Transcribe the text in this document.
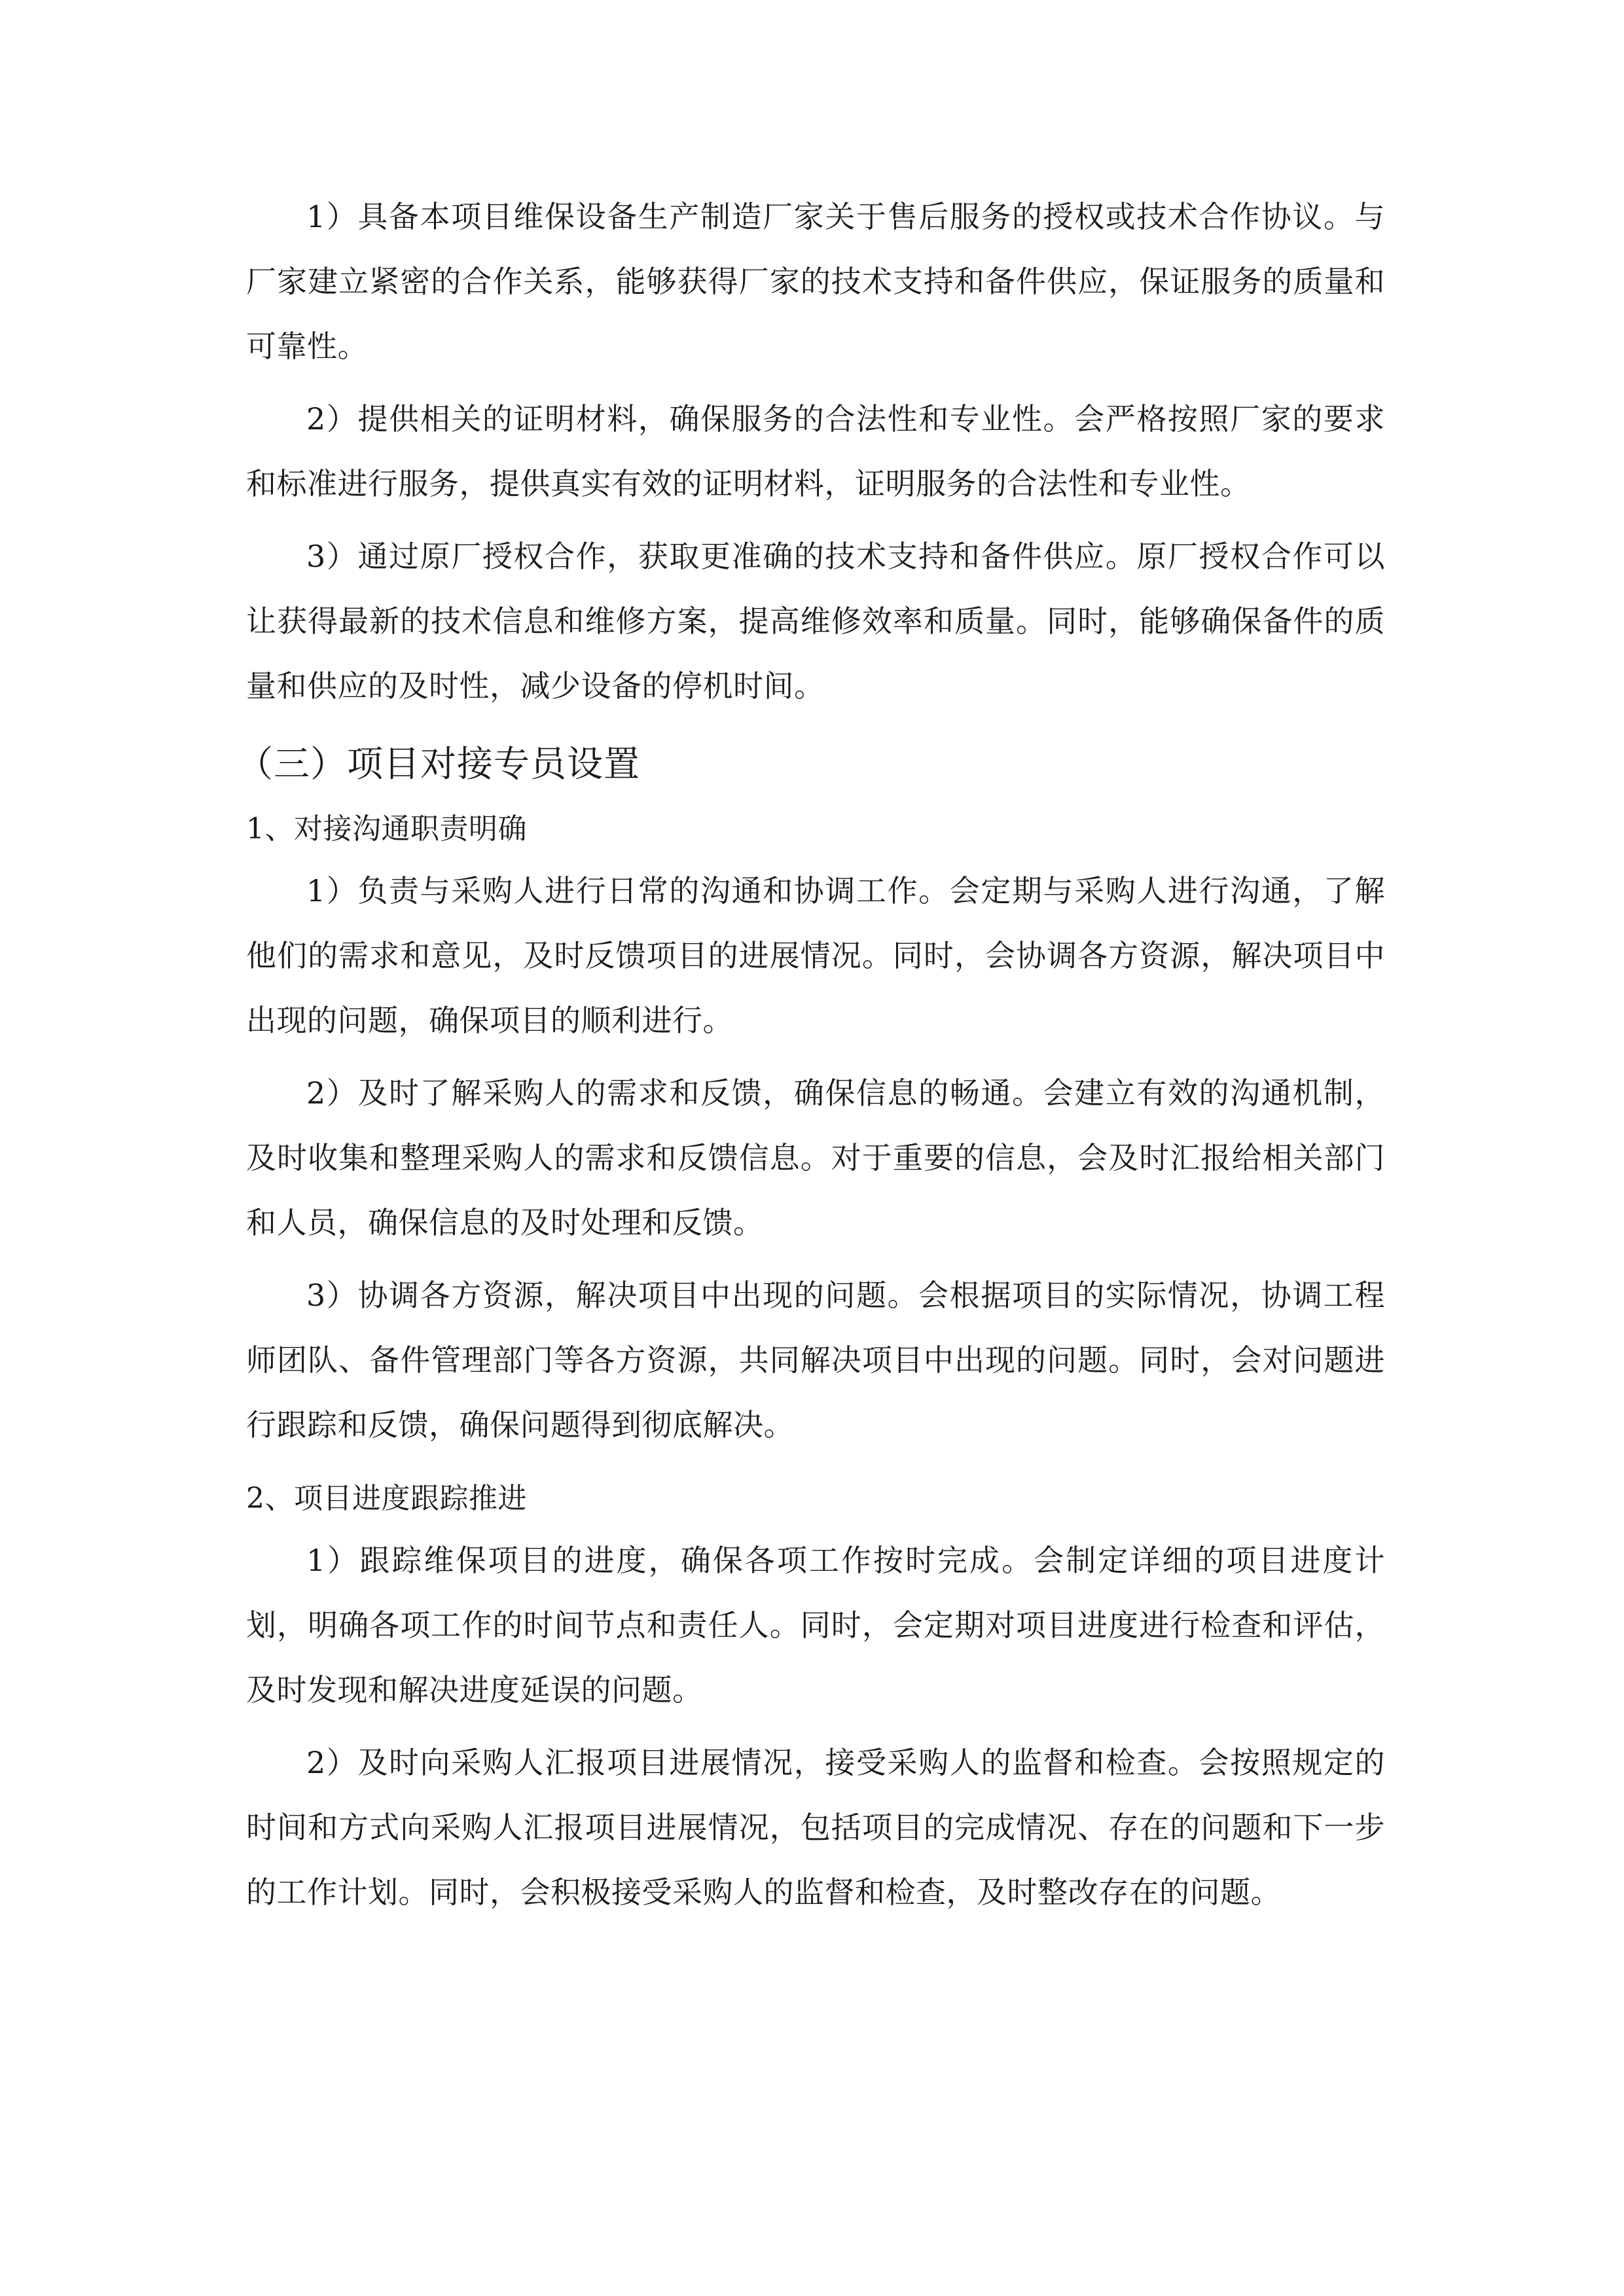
1）具备本项目维保设备生产制造厂家关于售后服务的授权或技术合作协议。与厂家建立紧密的合作关系，能够获得厂家的技术支持和备件供应，保证服务的质量和可靠性。

2）提供相关的证明材料，确保服务的合法性和专业性。会严格按照厂家的要求和标准进行服务，提供真实有效的证明材料，证明服务的合法性和专业性。

3）通过原厂授权合作，获取更准确的技术支持和备件供应。原厂授权合作可以让获得最新的技术信息和维修方案，提高维修效率和质量。同时，能够确保备件的质量和供应的及时性，减少设备的停机时间。

（三）项目对接专员设置
1、对接沟通职责明确

1）负责与采购人进行日常的沟通和协调工作。会定期与采购人进行沟通，了解他们的需求和意见，及时反馈项目的进展情况。同时，会协调各方资源，解决项目中出现的问题，确保项目的顺利进行。

2）及时了解采购人的需求和反馈，确保信息的畅通。会建立有效的沟通机制，及时收集和整理采购人的需求和反馈信息。对于重要的信息，会及时汇报给相关部门和人员，确保信息的及时处理和反馈。

3）协调各方资源，解决项目中出现的问题。会根据项目的实际情况，协调工程师团队、备件管理部门等各方资源，共同解决项目中出现的问题。同时，会对问题进行跟踪和反馈，确保问题得到彻底解决。

2、项目进度跟踪推进

1）跟踪维保项目的进度，确保各项工作按时完成。会制定详细的项目进度计划，明确各项工作的时间节点和责任人。同时，会定期对项目进度进行检查和评估，及时发现和解决进度延误的问题。

2）及时向采购人汇报项目进展情况，接受采购人的监督和检查。会按照规定的时间和方式向采购人汇报项目进展情况，包括项目的完成情况、存在的问题和下一步的工作计划。同时，会积极接受采购人的监督和检查，及时整改存在的问题。
